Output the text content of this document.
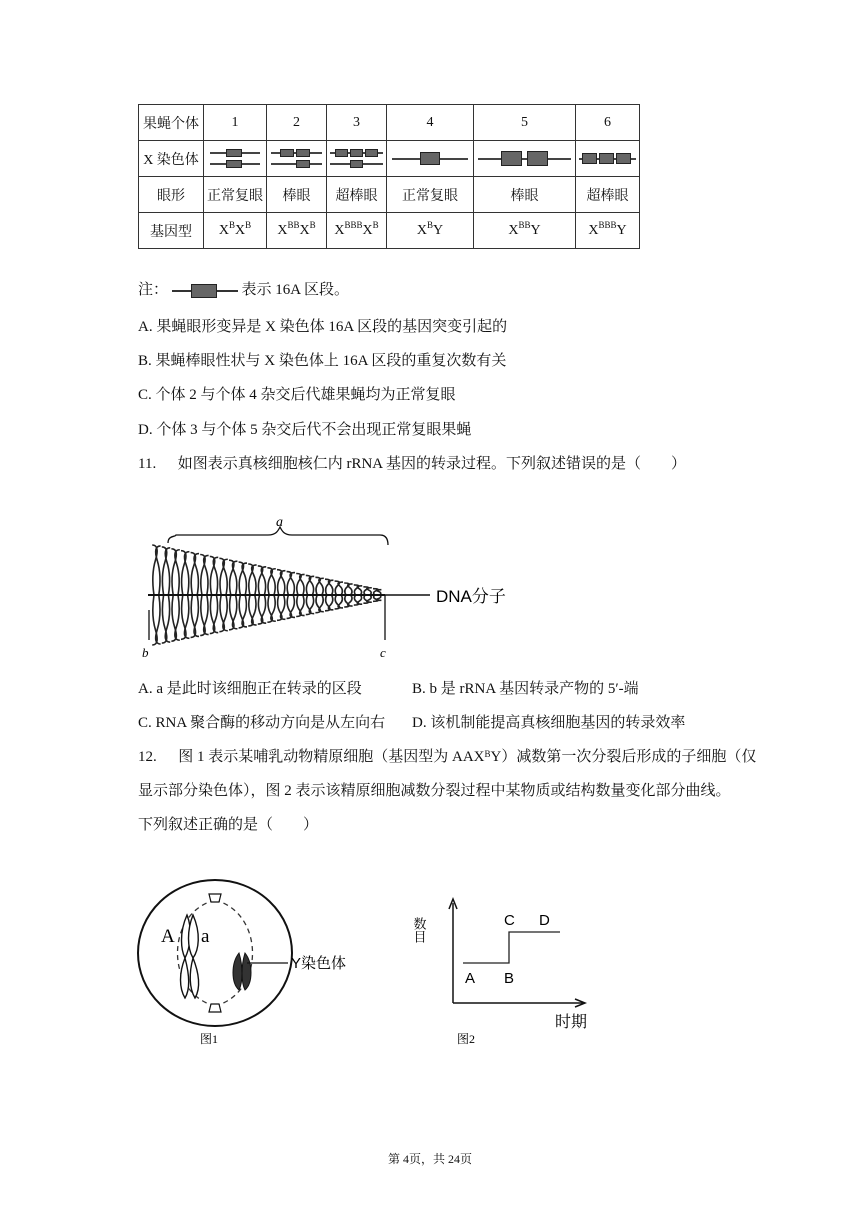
果蝇个体	1	2	3	4	5	6
X 染色体	

眼形	正常复眼	棒眼	超棒眼	正常复眼	棒眼	超棒眼
基因型	$X^BX^B$	$X^{BB}X^B$	$X^{BBB}X^B$	$X^BY$	$X^{BB}Y$	$X^{BBB}Y$
注：	表示 16A 区段。
A. 果蝇眼形变异是 X 染色体 16A 区段的基因突变引起的
B. 果蝇棒眼性状与 X 染色体上 16A 区段的重复次数有关
C. 个体 2 与个体 4 杂交后代雄果蝇均为正常复眼
D. 个体 3 与个体 5 杂交后代不会出现正常复眼果蝇
11. 如图表示真核细胞核仁内 rRNA 基因的转录过程。下列叙述错误的是（　　）
a
b	c
DNA分子
A. a 是此时该细胞正在转录的区段	B. b 是 rRNA 基因转录产物的 5′-端
C. RNA 聚合酶的移动方向是从左向右 D. 该机制能提高真核细胞基因的转录效率
12. 图 1 表示某哺乳动物精原细胞（基因型为 $AAX^BY$）减数第一次分裂后形成的子细胞（仅
显示部分染色体），图 2 表示该精原细胞减数分裂过程中某物质或结构数量变化部分曲线。
下列叙述正确的是（　　）
A a
Y染色体
图1
数目
A B
C D
时期
图2
第 4页，共 24页
